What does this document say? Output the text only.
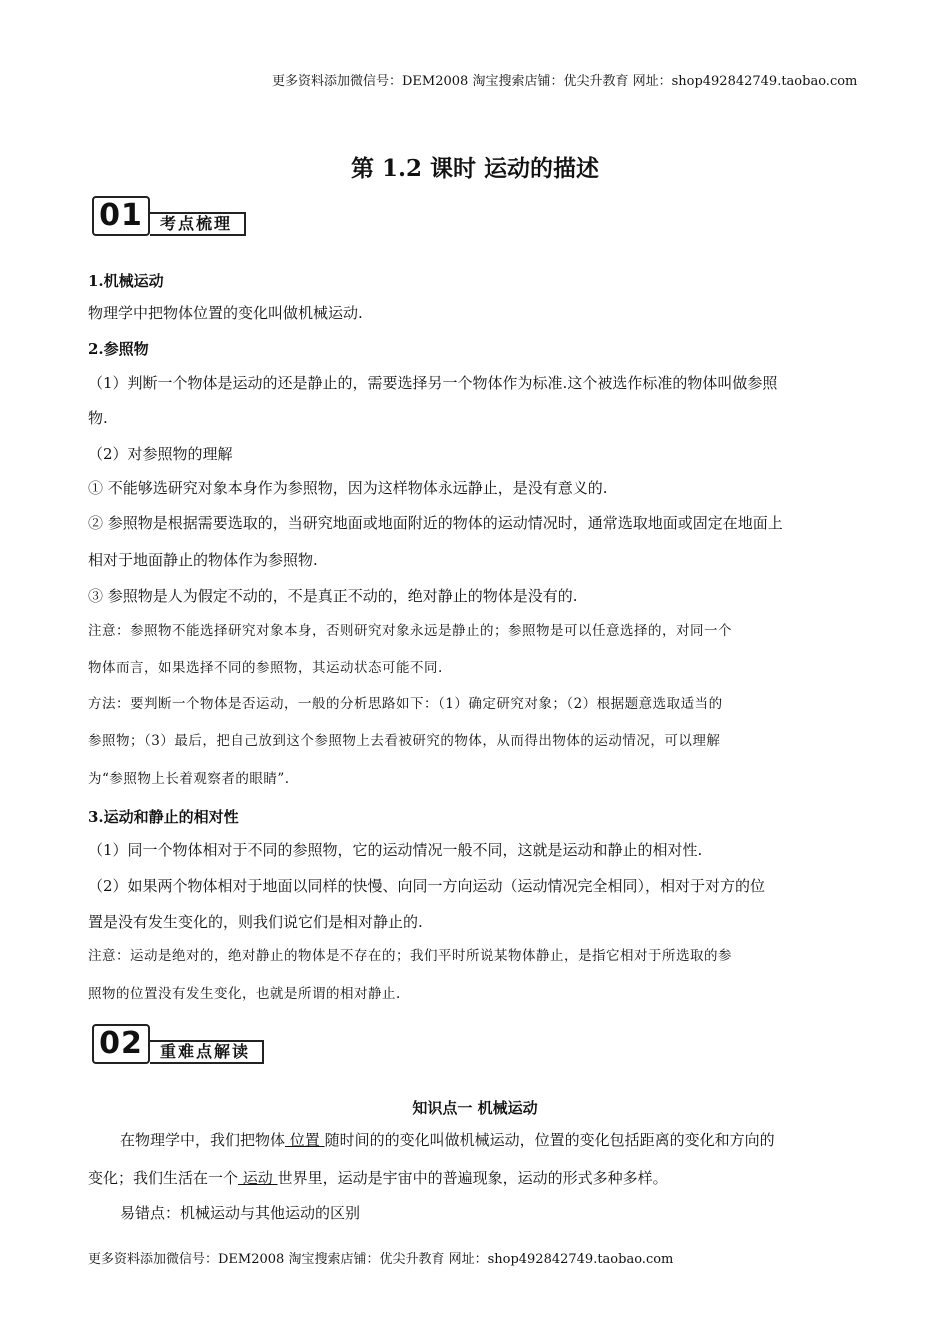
更多资料添加微信号：DEM2008 淘宝搜索店铺：优尖升教育 网址：shop492842749.taobao.com
第 1.2 课时 运动的描述
01	考点梳理
1.机械运动
物理学中把物体位置的变化叫做机械运动.
2.参照物
（1）判断一个物体是运动的还是静止的，需要选择另一个物体作为标准.这个被选作标准的物体叫做参照
物.
（2）对参照物的理解
① 不能够选研究对象本身作为参照物，因为这样物体永远静止，是没有意义的.
② 参照物是根据需要选取的，当研究地面或地面附近的物体的运动情况时，通常选取地面或固定在地面上
相对于地面静止的物体作为参照物.
③ 参照物是人为假定不动的，不是真正不动的，绝对静止的物体是没有的.
注意：参照物不能选择研究对象本身，否则研究对象永远是静止的；参照物是可以任意选择的，对同一个
物体而言，如果选择不同的参照物，其运动状态可能不同.
方法：要判断一个物体是否运动，一般的分析思路如下：（1）确定研究对象；（2）根据题意选取适当的
参照物；（3）最后，把自己放到这个参照物上去看被研究的物体，从而得出物体的运动情况，可以理解
为“参照物上长着观察者的眼睛”.
3.运动和静止的相对性
（1）同一个物体相对于不同的参照物，它的运动情况一般不同，这就是运动和静止的相对性.
（2）如果两个物体相对于地面以同样的快慢、向同一方向运动（运动情况完全相同），相对于对方的位
置是没有发生变化的，则我们说它们是相对静止的.
注意：运动是绝对的，绝对静止的物体是不存在的；我们平时所说某物体静止，是指它相对于所选取的参
照物的位置没有发生变化，也就是所谓的相对静止.
02	重难点解读
知识点一 机械运动
在物理学中，我们把物体 位置 随时间的的变化叫做机械运动，位置的变化包括距离的变化和方向的
变化；我们生活在一个 运动 世界里，运动是宇宙中的普遍现象，运动的形式多种多样。
易错点：机械运动与其他运动的区别
更多资料添加微信号：DEM2008 淘宝搜索店铺：优尖升教育 网址：shop492842749.taobao.com
